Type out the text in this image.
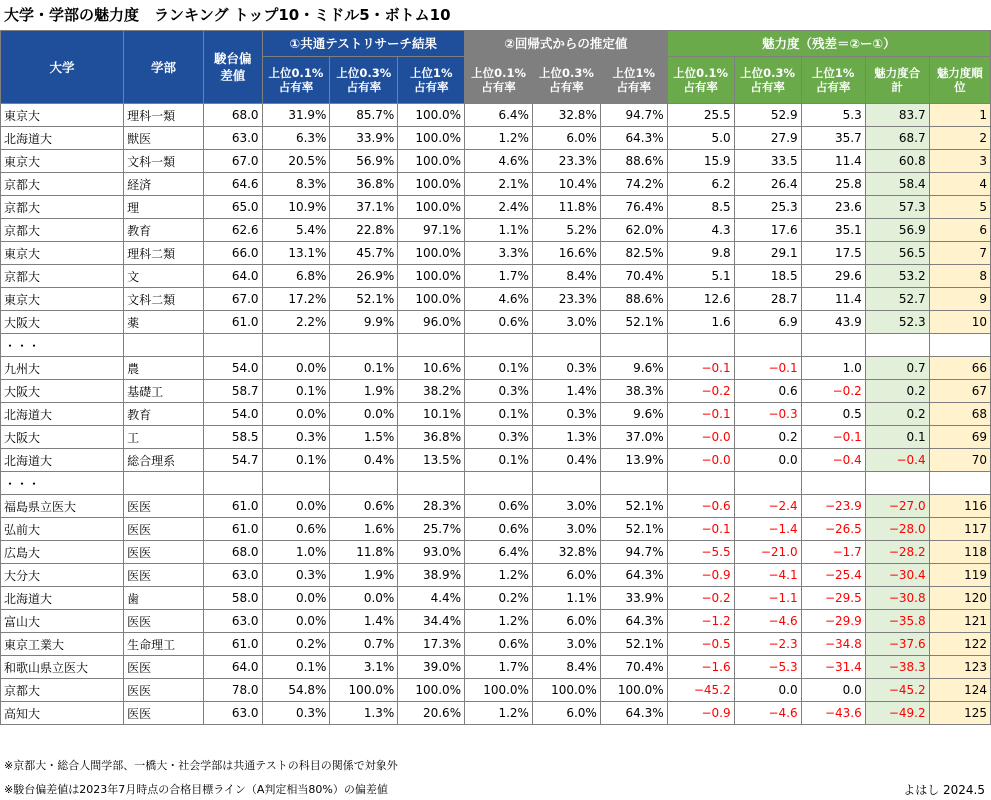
大学・学部の魅力度　ランキング トップ10・ミドル5・ボトム10
大学	学部	駿台偏差値	①共通テストリサーチ結果			②回帰式からの推定値			魅力度（残差＝②ー①）				
			上位0.1%占有率	上位0.3%占有率	上位1%占有率	上位0.1%占有率	上位0.3%占有率	上位1%占有率	上位0.1%占有率	上位0.3%占有率	上位1%占有率	魅力度合計	魅力度順位
東京大	理科一類	68.0	31.9%	85.7%	100.0%	6.4%	32.8%	94.7%	25.5	52.9	5.3	83.7	1
北海道大	獣医	63.0	6.3%	33.9%	100.0%	1.2%	6.0%	64.3%	5.0	27.9	35.7	68.7	2
東京大	文科一類	67.0	20.5%	56.9%	100.0%	4.6%	23.3%	88.6%	15.9	33.5	11.4	60.8	3
京都大	経済	64.6	8.3%	36.8%	100.0%	2.1%	10.4%	74.2%	6.2	26.4	25.8	58.4	4
京都大	理	65.0	10.9%	37.1%	100.0%	2.4%	11.8%	76.4%	8.5	25.3	23.6	57.3	5
京都大	教育	62.6	5.4%	22.8%	97.1%	1.1%	5.2%	62.0%	4.3	17.6	35.1	56.9	6
東京大	理科二類	66.0	13.1%	45.7%	100.0%	3.3%	16.6%	82.5%	9.8	29.1	17.5	56.5	7
京都大	文	64.0	6.8%	26.9%	100.0%	1.7%	8.4%	70.4%	5.1	18.5	29.6	53.2	8
東京大	文科二類	67.0	17.2%	52.1%	100.0%	4.6%	23.3%	88.6%	12.6	28.7	11.4	52.7	9
大阪大	薬	61.0	2.2%	9.9%	96.0%	0.6%	3.0%	52.1%	1.6	6.9	43.9	52.3	10
・・・													
九州大	農	54.0	0.0%	0.1%	10.6%	0.1%	0.3%	9.6%	−0.1	−0.1	1.0	0.7	66
大阪大	基礎工	58.7	0.1%	1.9%	38.2%	0.3%	1.4%	38.3%	−0.2	0.6	−0.2	0.2	67
北海道大	教育	54.0	0.0%	0.0%	10.1%	0.1%	0.3%	9.6%	−0.1	−0.3	0.5	0.2	68
大阪大	工	58.5	0.3%	1.5%	36.8%	0.3%	1.3%	37.0%	−0.0	0.2	−0.1	0.1	69
北海道大	総合理系	54.7	0.1%	0.4%	13.5%	0.1%	0.4%	13.9%	−0.0	0.0	−0.4	−0.4	70
・・・													
福島県立医大	医医	61.0	0.0%	0.6%	28.3%	0.6%	3.0%	52.1%	−0.6	−2.4	−23.9	−27.0	116
弘前大	医医	61.0	0.6%	1.6%	25.7%	0.6%	3.0%	52.1%	−0.1	−1.4	−26.5	−28.0	117
広島大	医医	68.0	1.0%	11.8%	93.0%	6.4%	32.8%	94.7%	−5.5	−21.0	−1.7	−28.2	118
大分大	医医	63.0	0.3%	1.9%	38.9%	1.2%	6.0%	64.3%	−0.9	−4.1	−25.4	−30.4	119
北海道大	歯	58.0	0.0%	0.0%	4.4%	0.2%	1.1%	33.9%	−0.2	−1.1	−29.5	−30.8	120
富山大	医医	63.0	0.0%	1.4%	34.4%	1.2%	6.0%	64.3%	−1.2	−4.6	−29.9	−35.8	121
東京工業大	生命理工	61.0	0.2%	0.7%	17.3%	0.6%	3.0%	52.1%	−0.5	−2.3	−34.8	−37.6	122
和歌山県立医大	医医	64.0	0.1%	3.1%	39.0%	1.7%	8.4%	70.4%	−1.6	−5.3	−31.4	−38.3	123
京都大	医医	78.0	54.8%	100.0%	100.0%	100.0%	100.0%	100.0%	−45.2	0.0	0.0	−45.2	124
高知大	医医	63.0	0.3%	1.3%	20.6%	1.2%	6.0%	64.3%	−0.9	−4.6	−43.6	−49.2	125
※京都大・総合人間学部、一橋大・社会学部は共通テストの科目の関係で対象外
※駿台偏差値は2023年7月時点の合格目標ライン（A判定相当80%）の偏差値	よはし 2024.5
